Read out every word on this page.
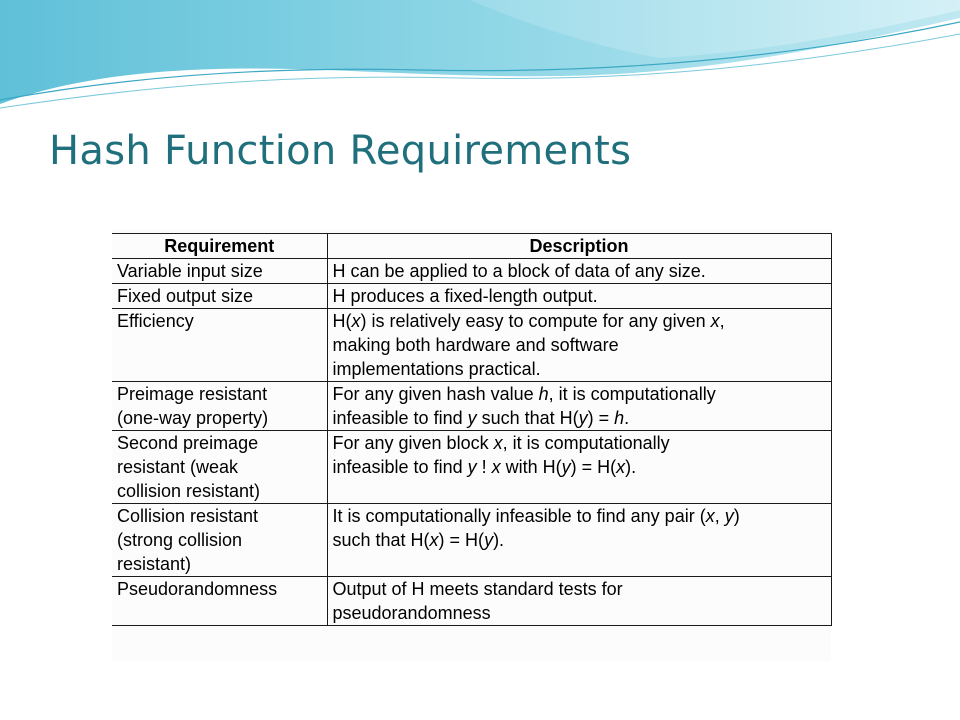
Hash Function Requirements
Requirement	Description

Variable input size	H can be applied to a block of data of any size.

Fixed output size	H produces a fixed-length output.

Efficiency	H(x) is relatively easy to compute for any given x,
making both hardware and software
implementations practical.

Preimage resistant
(one-way property)	For any given hash value h, it is computationally
infeasible to find y such that H(y) = h.

Second preimage
resistant (weak
collision resistant)	For any given block x, it is computationally
infeasible to find y ! x with H(y) = H(x).

Collision resistant
(strong collision
resistant)	It is computationally infeasible to find any pair (x, y)
such that H(x) = H(y).

Pseudorandomness	Output of H meets standard tests for
pseudorandomness
